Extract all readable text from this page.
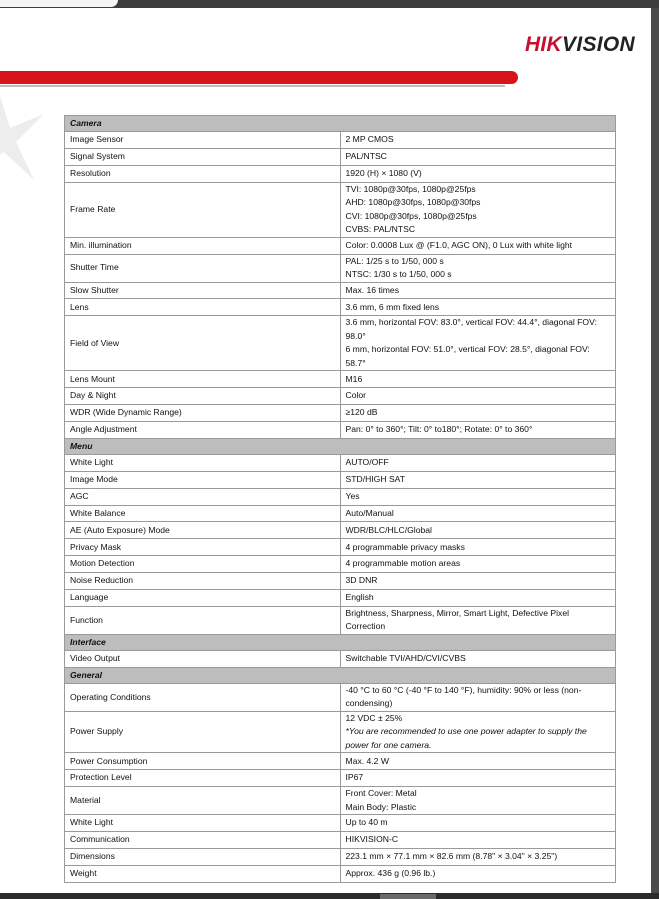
HIKVISION
Camera	
Image Sensor	2 MP CMOS

Signal System	PAL/NTSC

Resolution	1920 (H) × 1080 (V)

Frame Rate	TVI: 1080p@30fps, 1080p@25fps
AHD: 1080p@30fps, 1080p@30fps
CVI: 1080p@30fps, 1080p@25fps
CVBS: PAL/NTSC

Min. illumination	Color: 0.0008 Lux @ (F1.0, AGC ON), 0 Lux with white light

Shutter Time	PAL: 1/25 s to 1/50, 000 s
NTSC: 1/30 s to 1/50, 000 s

Slow Shutter	Max. 16 times

Lens	3.6 mm, 6 mm fixed lens

Field of View	3.6 mm, horizontal FOV: 83.0°, vertical FOV: 44.4°, diagonal FOV: 98.0°
6 mm, horizontal FOV: 51.0°, vertical FOV: 28.5°, diagonal FOV: 58.7°

Lens Mount	M16

Day & Night	Color

WDR (Wide Dynamic Range)	≥120 dB

Angle Adjustment	Pan: 0° to 360°; Tilt: 0° to180°; Rotate: 0° to 360°

Menu	
White Light	AUTO/OFF

Image Mode	STD/HIGH SAT

AGC	Yes

White Balance	Auto/Manual

AE (Auto Exposure) Mode	WDR/BLC/HLC/Global

Privacy Mask	4 programmable privacy masks

Motion Detection	4 programmable motion areas

Noise Reduction	3D DNR

Language	English

Function	Brightness, Sharpness, Mirror, Smart Light, Defective Pixel Correction

Interface	
Video Output	Switchable TVI/AHD/CVI/CVBS

General	
Operating Conditions	-40 °C to 60 °C (-40 °F to 140 °F), humidity: 90% or less (non-condensing)

Power Supply	12 VDC ± 25%
*You are recommended to use one power adapter to supply the power for one camera.

Power Consumption	Max. 4.2 W

Protection Level	IP67

Material	Front Cover: Metal
Main Body: Plastic

White Light	Up to 40 m

Communication	HIKVISION-C

Dimensions	223.1 mm × 77.1 mm × 82.6 mm (8.78" × 3.04" × 3.25")

Weight	Approx. 436 g (0.96 lb.)
